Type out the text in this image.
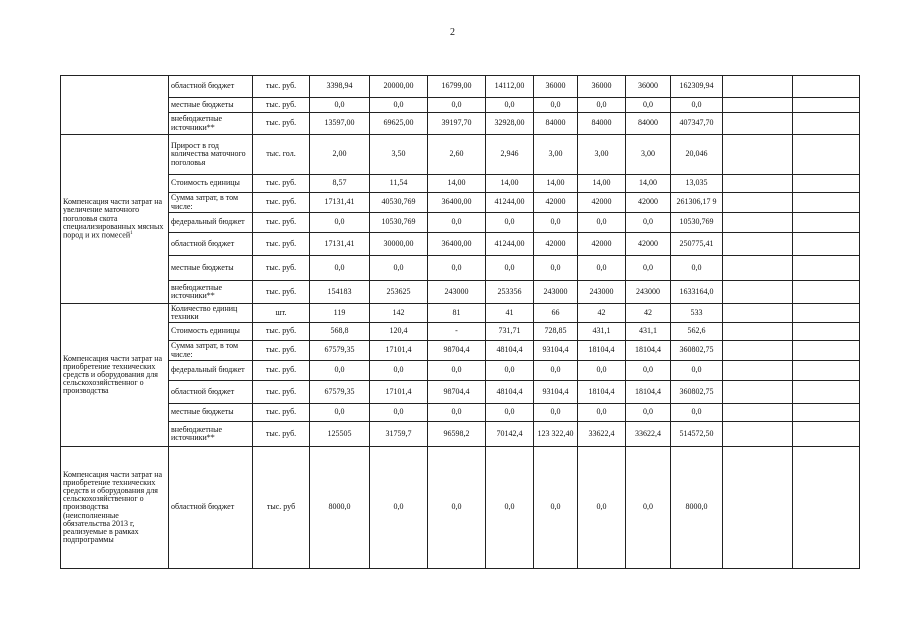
2
	областной бюджет	тыс. руб.	3398,94	20000,00	16799,00	14112,00	36000	36000	36000	162309,94		
	местные бюджеты	тыс. руб.	0,0	0,0	0,0	0,0	0,0	0,0	0,0	0,0		
	внебюджетные источники**	тыс. руб.	13597,00	69625,00	39197,70	32928,00	84000	84000	84000	407347,70		
Компенсация части затрат на увеличение маточного поголовья скота специализированных мясных пород и их помесей$^1$	Прирост в год количества маточного поголовья	тыс. гол.	2,00	3,50	2,60	2,946	3,00	3,00	3,00	20,046		
	Стоимость единицы	тыс. руб.	8,57	11,54	14,00	14,00	14,00	14,00	14,00	13,035		
	Сумма затрат, в том числе:	тыс. руб.	17131,41	40530,769	36400,00	41244,00	42000	42000	42000	261306,17 9		
	федеральный бюджет	тыс. руб.	0,0	10530,769	0,0	0,0	0,0	0,0	0,0	10530,769		
	областной бюджет	тыс. руб.	17131,41	30000,00	36400,00	41244,00	42000	42000	42000	250775,41		
	местные бюджеты	тыс. руб.	0,0	0,0	0,0	0,0	0,0	0,0	0,0	0,0		
	внебюджетные источники**	тыс. руб.	154183	253625	243000	253356	243000	243000	243000	1633164,0		
Компенсация части затрат на приобретение технических средств и оборудования для сельскохозяйственног о производства	Количество единиц техники	шт.	119	142	81	41	66	42	42	533		
	Стоимость единицы	тыс. руб.	568,8	120,4	-	731,71	728,85	431,1	431,1	562,6		
	Сумма затрат, в том числе:	тыс. руб.	67579,35	17101,4	98704,4	48104,4	93104,4	18104,4	18104,4	360802,75		
	федеральный бюджет	тыс. руб.	0,0	0,0	0,0	0,0	0,0	0,0	0,0	0,0		
	областной бюджет	тыс. руб.	67579,35	17101,4	98704,4	48104,4	93104,4	18104,4	18104,4	360802,75		
	местные бюджеты	тыс. руб.	0,0	0,0	0,0	0,0	0,0	0,0	0,0	0,0		
	внебюджетные источники**	тыс. руб.	125505	31759,7	96598,2	70142,4	123 322,40	33622,4	33622,4	514572,50		
Компенсация части затрат на приобретение технических средств и оборудования для сельскохозяйственног о производства (неисполненные обязательства 2013 г, реализуемые в рамках подпрограммы	областной бюджет	тыс. руб	8000,0	0,0	0,0	0,0	0,0	0,0	0,0	8000,0		
